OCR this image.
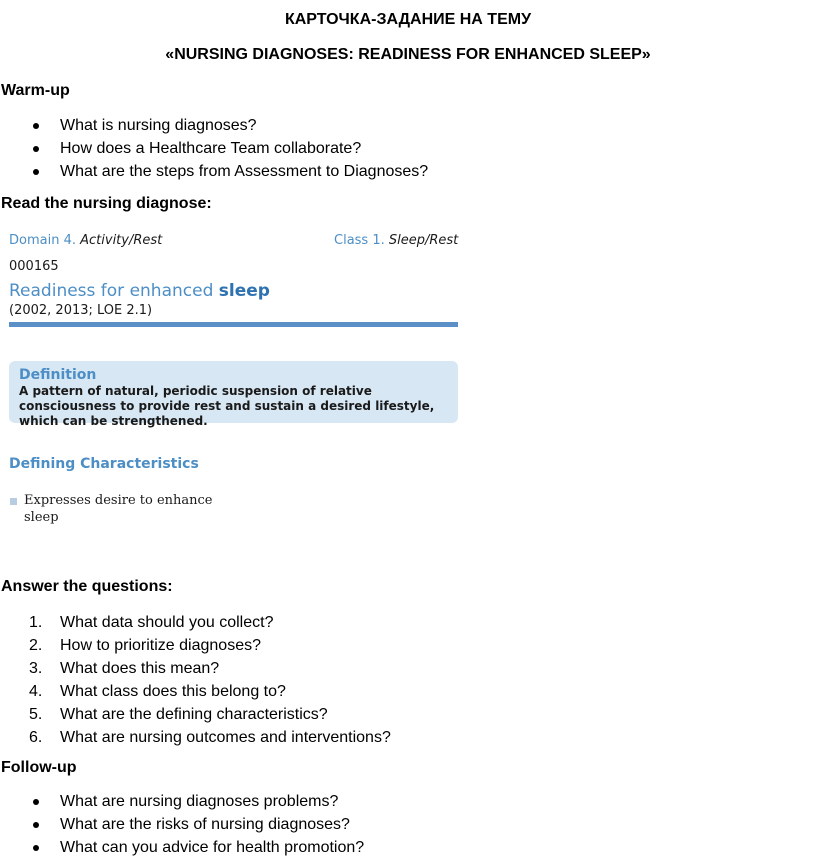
КАРТОЧКА-ЗАДАНИЕ НА ТЕМУ
«NURSING DIAGNOSES: READINESS FOR ENHANCED SLEEP»
Warm-up
What is nursing diagnoses?
How does a Healthcare Team collaborate?
What are the steps from Assessment to Diagnoses?
Read the nursing diagnose:
Domain 4. Activity/Rest	Class 1. Sleep/Rest
000165
Readiness for enhanced sleep
(2002, 2013; LOE 2.1)
Definition
A pattern of natural, periodic suspension of relative consciousness to provide rest and sustain a desired lifestyle, which can be strengthened.
Defining Characteristics
Expresses desire to enhance sleep
Answer the questions:
1. What data should you collect?
2. How to prioritize diagnoses?
3. What does this mean?
4. What class does this belong to?
5. What are the defining characteristics?
6. What are nursing outcomes and interventions?
Follow-up
What are nursing diagnoses problems?
What are the risks of nursing diagnoses?
What can you advice for health promotion?
